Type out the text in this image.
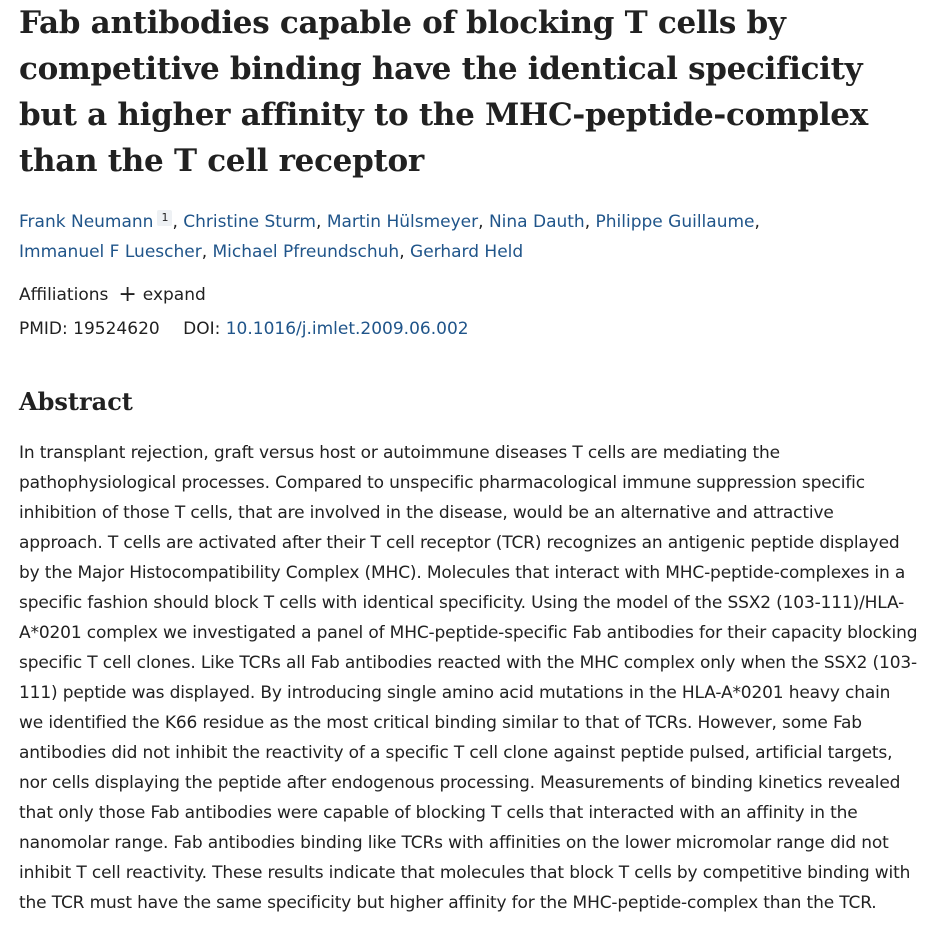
Fab antibodies capable of blocking T cells by competitive binding have the identical specificity but a higher affinity to the MHC-peptide-complex than the T cell receptor
Frank Neumann 1 , Christine Sturm, Martin Hülsmeyer, Nina Dauth, Philippe Guillaume,
Immanuel F Luescher, Michael Pfreundschuh, Gerhard Held
Affiliations + expand
PMID: 19524620 DOI: 10.1016/j.imlet.2009.06.002
Abstract

In transplant rejection, graft versus host or autoimmune diseases T cells are mediating the pathophysiological processes. Compared to unspecific pharmacological immune suppression specific inhibition of those T cells, that are involved in the disease, would be an alternative and attractive approach. T cells are activated after their T cell receptor (TCR) recognizes an antigenic peptide displayed by the Major Histocompatibility Complex (MHC). Molecules that interact with MHC-peptide-complexes in a specific fashion should block T cells with identical specificity. Using the model of the SSX2 (103-111)/HLA-A*0201 complex we investigated a panel of MHC-peptide-specific Fab antibodies for their capacity blocking specific T cell clones. Like TCRs all Fab antibodies reacted with the MHC complex only when the SSX2 (103-111) peptide was displayed. By introducing single amino acid mutations in the HLA-A*0201 heavy chain we identified the K66 residue as the most critical binding similar to that of TCRs. However, some Fab antibodies did not inhibit the reactivity of a specific T cell clone against peptide pulsed, artificial targets, nor cells displaying the peptide after endogenous processing. Measurements of binding kinetics revealed that only those Fab antibodies were capable of blocking T cells that interacted with an affinity in the nanomolar range. Fab antibodies binding like TCRs with affinities on the lower micromolar range did not inhibit T cell reactivity. These results indicate that molecules that block T cells by competitive binding with the TCR must have the same specificity but higher affinity for the MHC-peptide-complex than the TCR.
